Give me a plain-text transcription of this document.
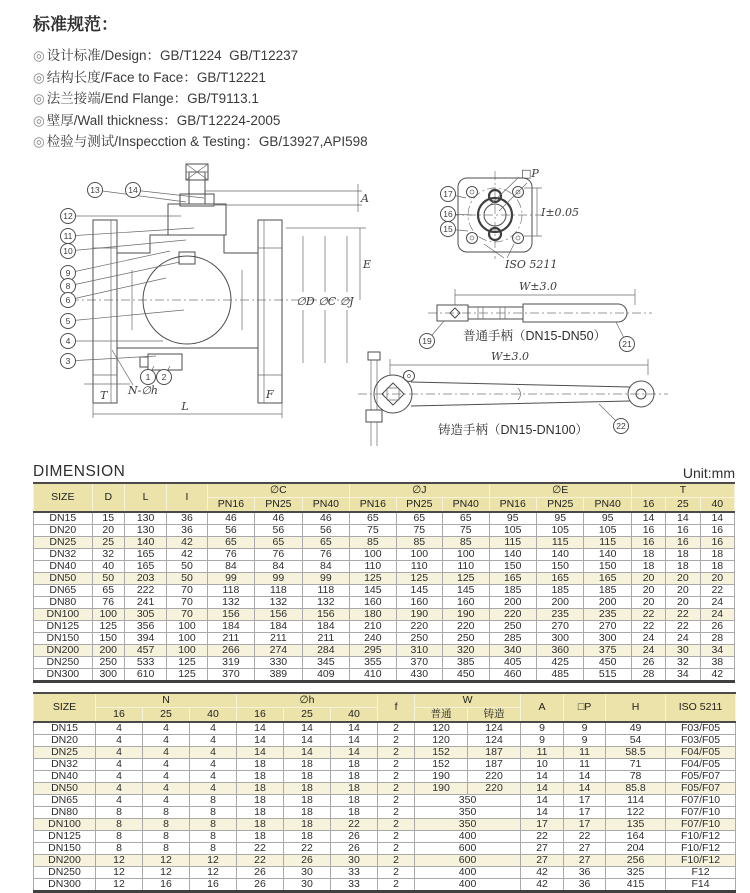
标准规范：
◎ 设计标准/Design：GB/T1224  GB/T12237
◎ 结构长度/Face to Face：GB/T12221
◎ 法兰接端/End Flange：GB/T9113.1
◎ 壁厚/Wall thickness：GB/T12224-2005
◎ 检验与测试/Inspecction & Testing：GB/13927,API598
A
E
∅D ∅C ∅J
T
L
F
N-∅h
□P
I±0.05
ISO 5211
W±3.0
普通手柄（DN15-DN50）
W±3.0
铸造手柄（DN15-DN100）
13	14
12
11
10
9
8
6
5
4
3
1 2
17
16
15
19	21
22
DIMENSION	Unit:mm
SIZE	D	L	I	∅C			∅J			∅E			T		
				PN16	PN25	PN40	PN16	PN25	PN40	PN16	PN25	PN40	16	25	40
DN15	15	130	36	46	46	46	65	65	65	95	95	95	14	14	14
DN20	20	130	36	56	56	56	75	75	75	105	105	105	16	16	16
DN25	25	140	42	65	65	65	85	85	85	115	115	115	16	16	16
DN32	32	165	42	76	76	76	100	100	100	140	140	140	18	18	18
DN40	40	165	50	84	84	84	110	110	110	150	150	150	18	18	18
DN50	50	203	50	99	99	99	125	125	125	165	165	165	20	20	20
DN65	65	222	70	118	118	118	145	145	145	185	185	185	20	20	22
DN80	76	241	70	132	132	132	160	160	160	200	200	200	20	20	24
DN100	100	305	70	156	156	156	180	190	190	220	235	235	22	22	24
DN125	125	356	100	184	184	184	210	220	220	250	270	270	22	22	26
DN150	150	394	100	211	211	211	240	250	250	285	300	300	24	24	28
DN200	200	457	100	266	274	284	295	310	320	340	360	375	24	30	34
DN250	250	533	125	319	330	345	355	370	385	405	425	450	26	32	38
DN300	300	610	125	370	389	409	410	430	450	460	485	515	28	34	42
SIZE	N			∅h			f	W		A	□P	H	ISO 5211
	16	25	40	16	25	40		普通	铸造				
DN15	4	4	4	14	14	14	2	120	124	9	9	49	F03/F05
DN20	4	4	4	14	14	14	2	120	124	9	9	54	F03/F05
DN25	4	4	4	14	14	14	2	152	187	11	11	58.5	F04/F05
DN32	4	4	4	18	18	18	2	152	187	10	11	71	F04/F05
DN40	4	4	4	18	18	18	2	190	220	14	14	78	F05/F07
DN50	4	4	4	18	18	18	2	190	220	14	14	85.8	F05/F07
DN65	4	4	8	18	18	18	2	350		14	17	114	F07/F10
DN80	8	8	8	18	18	18	2	350		14	17	122	F07/F10
DN100	8	8	8	18	18	22	2	350		17	17	135	F07/F10
DN125	8	8	8	18	18	26	2	400		22	22	164	F10/F12
DN150	8	8	8	22	22	26	2	600		27	27	204	F10/F12
DN200	12	12	12	22	26	30	2	600		27	27	256	F10/F12
DN250	12	12	12	26	30	33	2	400		42	36	325	F12
DN300	12	16	16	26	30	33	2	400		42	36	415	F14
